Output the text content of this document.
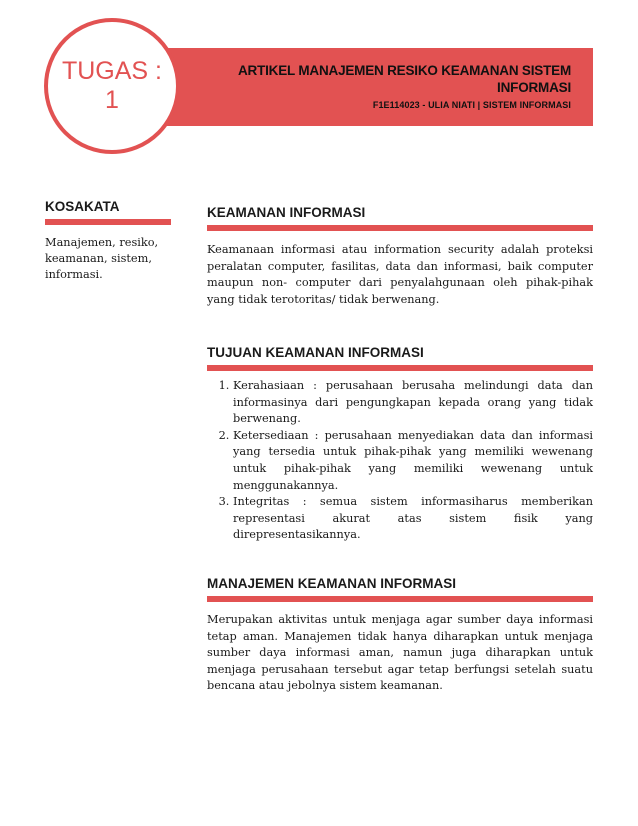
ARTIKEL MANAJEMEN RESIKO KEAMANAN SISTEM INFORMASI
F1E114023 - ULIA NIATI | SISTEM INFORMASI
TUGAS :
1
KOSAKATA
Manajemen, resiko, keamanan, sistem, informasi.
KEAMANAN INFORMASI
Keamanaan informasi atau information security adalah proteksi peralatan computer, fasilitas, data dan informasi, baik computer maupun non- computer dari penyalahgunaan oleh pihak-pihak yang tidak terotoritas/ tidak berwenang.
TUJUAN KEAMANAN INFORMASI
1. Kerahasiaan : perusahaan berusaha melindungi data dan informasinya dari pengungkapan kepada orang yang tidak berwenang.
2. Ketersediaan : perusahaan menyediakan data dan informasi yang tersedia untuk pihak-pihak yang memiliki wewenang untuk pihak-pihak yang memiliki wewenang untuk menggunakannya.
3. Integritas : semua sistem informasiharus memberikan representasi akurat atas sistem fisik yang direpresentasikannya.
MANAJEMEN KEAMANAN INFORMASI
Merupakan aktivitas untuk menjaga agar sumber daya informasi tetap aman. Manajemen tidak hanya diharapkan untuk menjaga sumber daya informasi aman, namun juga diharapkan untuk menjaga perusahaan tersebut agar tetap berfungsi setelah suatu bencana atau jebolnya sistem keamanan.
